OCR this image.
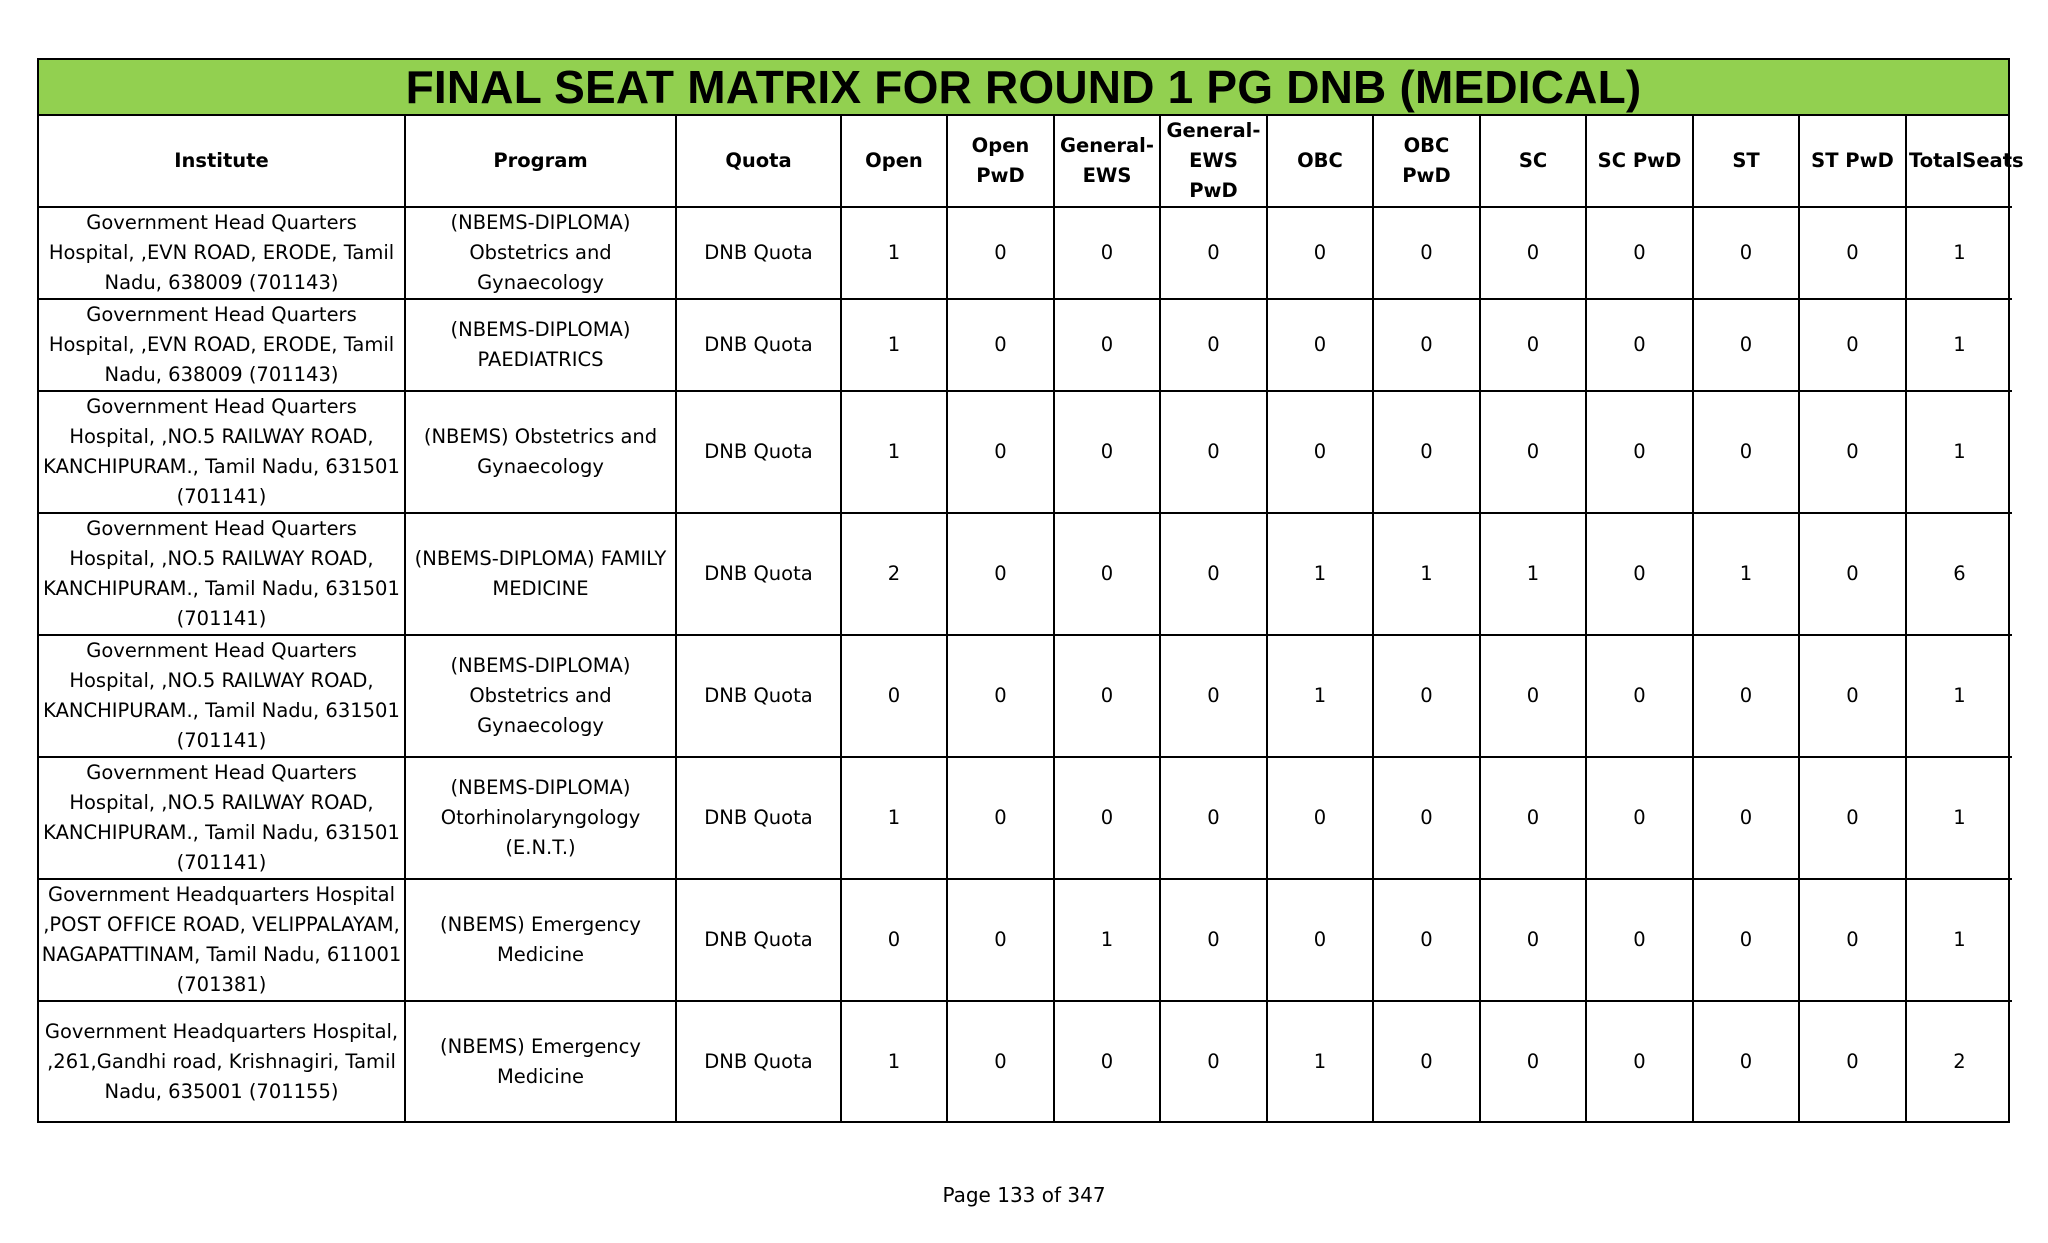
FINAL SEAT MATRIX FOR ROUND 1 PG DNB (MEDICAL)
Institute	Program	Quota	Open	Open PwD	General-EWS	General-EWS PwD	OBC	OBC PwD	SC	SC PwD	ST	ST PwD	TotalSeats
Government Head Quarters Hospital, ,EVN ROAD, ERODE, Tamil Nadu, 638009 (701143)	(NBEMS-DIPLOMA) Obstetrics and Gynaecology	DNB Quota	1	0	0	0	0	0	0	0	0	0	1
Government Head Quarters Hospital, ,EVN ROAD, ERODE, Tamil Nadu, 638009 (701143)	(NBEMS-DIPLOMA) PAEDIATRICS	DNB Quota	1	0	0	0	0	0	0	0	0	0	1
Government Head Quarters Hospital, ,NO.5 RAILWAY ROAD, KANCHIPURAM., Tamil Nadu, 631501 (701141)	(NBEMS) Obstetrics and Gynaecology	DNB Quota	1	0	0	0	0	0	0	0	0	0	1
Government Head Quarters Hospital, ,NO.5 RAILWAY ROAD, KANCHIPURAM., Tamil Nadu, 631501 (701141)	(NBEMS-DIPLOMA) FAMILY MEDICINE	DNB Quota	2	0	0	0	1	1	1	0	1	0	6
Government Head Quarters Hospital, ,NO.5 RAILWAY ROAD, KANCHIPURAM., Tamil Nadu, 631501 (701141)	(NBEMS-DIPLOMA) Obstetrics and Gynaecology	DNB Quota	0	0	0	0	1	0	0	0	0	0	1
Government Head Quarters Hospital, ,NO.5 RAILWAY ROAD, KANCHIPURAM., Tamil Nadu, 631501 (701141)	(NBEMS-DIPLOMA) Otorhinolaryngology (E.N.T.)	DNB Quota	1	0	0	0	0	0	0	0	0	0	1
Government Headquarters Hospital ,POST OFFICE ROAD, VELIPPALAYAM, NAGAPATTINAM, Tamil Nadu, 611001 (701381)	(NBEMS) Emergency Medicine	DNB Quota	0	0	1	0	0	0	0	0	0	0	1
Government Headquarters Hospital, ,261,Gandhi road, Krishnagiri, Tamil Nadu, 635001 (701155)	(NBEMS) Emergency Medicine	DNB Quota	1	0	0	0	1	0	0	0	0	0	2
Page 133 of 347
